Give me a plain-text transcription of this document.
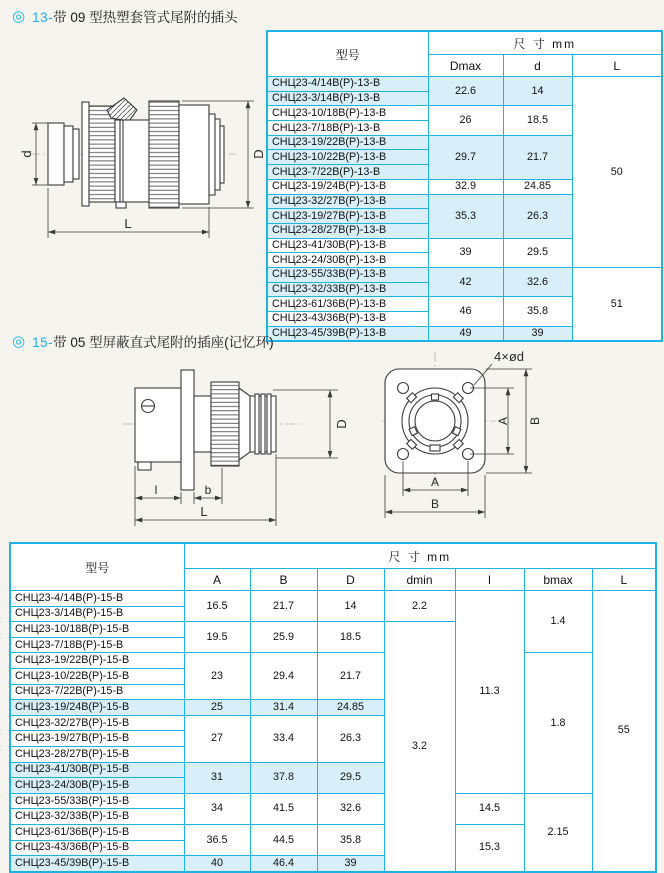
◎ 13-带 09 型热塑套管式尾附的插头
d	D
L
型号	尺 寸 mm		
	Dmax	d	L
CHЦ23-4/14B(P)-13-B	22.6	14	50
CHЦ23-3/14B(P)-13-B			
CHЦ23-10/18B(P)-13-B	26	18.5	
CHЦ23-7/18B(P)-13-B			
CHЦ23-19/22B(P)-13-B	29.7	21.7	
CHЦ23-10/22B(P)-13-B			
CHЦ23-7/22B(P)-13-B			
CHЦ23-19/24B(P)-13-B	32.9	24.85	
CHЦ23-32/27B(P)-13-B	35.3	26.3	
CHЦ23-19/27B(P)-13-B			
CHЦ23-28/27B(P)-13-B			
CHЦ23-41/30B(P)-13-B	39	29.5	
CHЦ23-24/30B(P)-13-B			
CHЦ23-55/33B(P)-13-B	42	32.6	51
CHЦ23-32/33B(P)-13-B			
CHЦ23-61/36B(P)-13-B	46	35.8	
CHЦ23-43/36B(P)-13-B			
CHЦ23-45/39B(P)-13-B	49	39	
◎ 15-带 05 型屏蔽直式尾附的插座(记忆环)
l	b
L
D
4×ød
A B
A
B
型号	尺 寸 mm						
	A	B	D	dmin	l	bmax	L
CHЦ23-4/14B(P)-15-B	16.5	21.7	14	2.2	11.3	1.4	55
CHЦ23-3/14B(P)-15-B							
CHЦ23-10/18B(P)-15-B	19.5	25.9	18.5	3.2			
CHЦ23-7/18B(P)-15-B							
CHЦ23-19/22B(P)-15-B	23	29.4	21.7			1.8	
CHЦ23-10/22B(P)-15-B							
CHЦ23-7/22B(P)-15-B							
CHЦ23-19/24B(P)-15-B	25	31.4	24.85				
CHЦ23-32/27B(P)-15-B	27	33.4	26.3				
CHЦ23-19/27B(P)-15-B							
CHЦ23-28/27B(P)-15-B							
CHЦ23-41/30B(P)-15-B	31	37.8	29.5				
CHЦ23-24/30B(P)-15-B							
CHЦ23-55/33B(P)-15-B	34	41.5	32.6		14.5	2.15	
CHЦ23-32/33B(P)-15-B							
CHЦ23-61/36B(P)-15-B	36.5	44.5	35.8		15.3		
CHЦ23-43/36B(P)-15-B							
CHЦ23-45/39B(P)-15-B	40	46.4	39				
